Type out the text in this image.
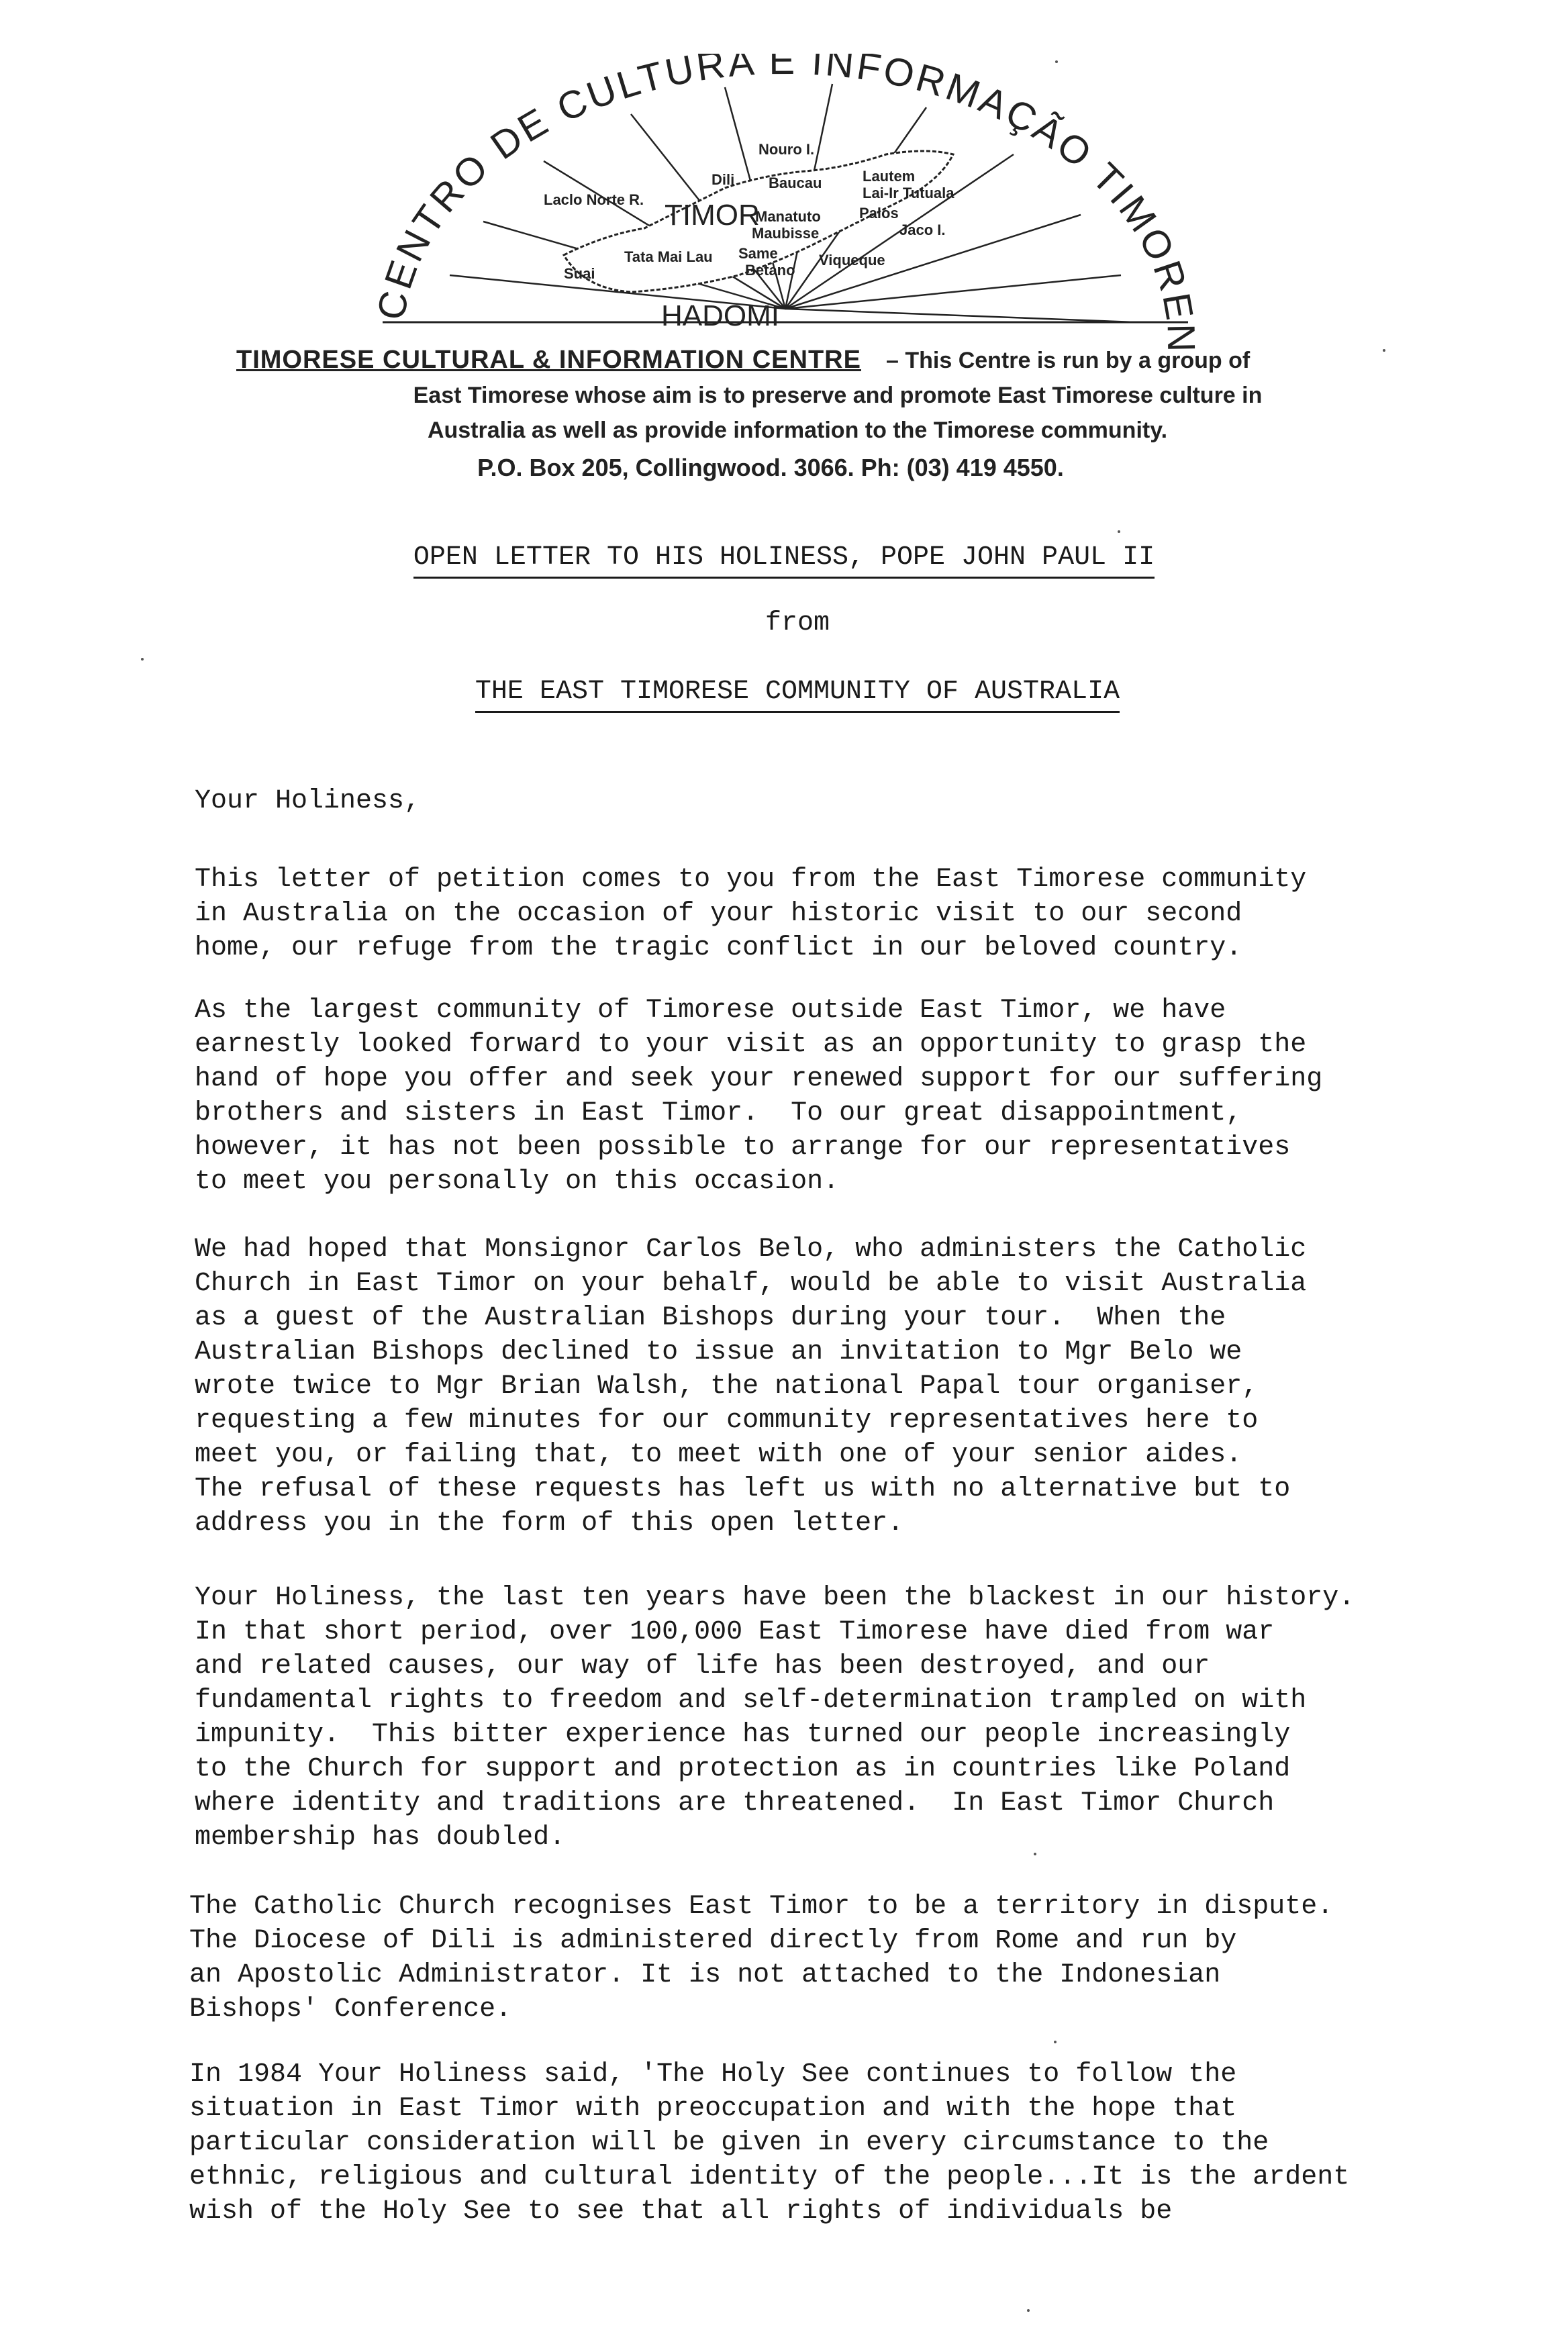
CENTRO DE CULTURA E INFORMAÇÃO TIMOREN
Nouro I.
Dili Baucau	Lautem
Lai-Ir Tutuala
Laclo Norte R. TIMOR
Manatuto
Maubisse
Palos
Jaco I.
Suai
Tata Mai Lau Same	Viqueque
Betano
HADOMI
TIMORESE CULTURAL & INFORMATION CENTRE – This Centre is run by a group of
East Timorese whose aim is to preserve and promote East Timorese culture in
Australia as well as provide information to the Timorese community.
P.O. Box 205, Collingwood. 3066. Ph: (03) 419 4550.
OPEN LETTER TO HIS HOLINESS, POPE JOHN PAUL II
from
THE EAST TIMORESE COMMUNITY OF AUSTRALIA
Your Holiness,
This letter of petition comes to you from the East Timorese community
in Australia on the occasion of your historic visit to our second
home, our refuge from the tragic conflict in our beloved country.
As the largest community of Timorese outside East Timor, we have
earnestly looked forward to your visit as an opportunity to grasp the
hand of hope you offer and seek your renewed support for our suffering
brothers and sisters in East Timor.  To our great disappointment,
however, it has not been possible to arrange for our representatives
to meet you personally on this occasion.
We had hoped that Monsignor Carlos Belo, who administers the Catholic
Church in East Timor on your behalf, would be able to visit Australia
as a guest of the Australian Bishops during your tour.  When the
Australian Bishops declined to issue an invitation to Mgr Belo we
wrote twice to Mgr Brian Walsh, the national Papal tour organiser,
requesting a few minutes for our community representatives here to
meet you, or failing that, to meet with one of your senior aides.
The refusal of these requests has left us with no alternative but to
address you in the form of this open letter.
Your Holiness, the last ten years have been the blackest in our history.
In that short period, over 100,000 East Timorese have died from war
and related causes, our way of life has been destroyed, and our
fundamental rights to freedom and self-determination trampled on with
impunity.  This bitter experience has turned our people increasingly
to the Church for support and protection as in countries like Poland
where identity and traditions are threatened.  In East Timor Church
membership has doubled.
The Catholic Church recognises East Timor to be a territory in dispute.
The Diocese of Dili is administered directly from Rome and run by
an Apostolic Administrator. It is not attached to the Indonesian
Bishops' Conference.
In 1984 Your Holiness said, 'The Holy See continues to follow the
situation in East Timor with preoccupation and with the hope that
particular consideration will be given in every circumstance to the
ethnic, religious and cultural identity of the people...It is the ardent
wish of the Holy See to see that all rights of individuals be
